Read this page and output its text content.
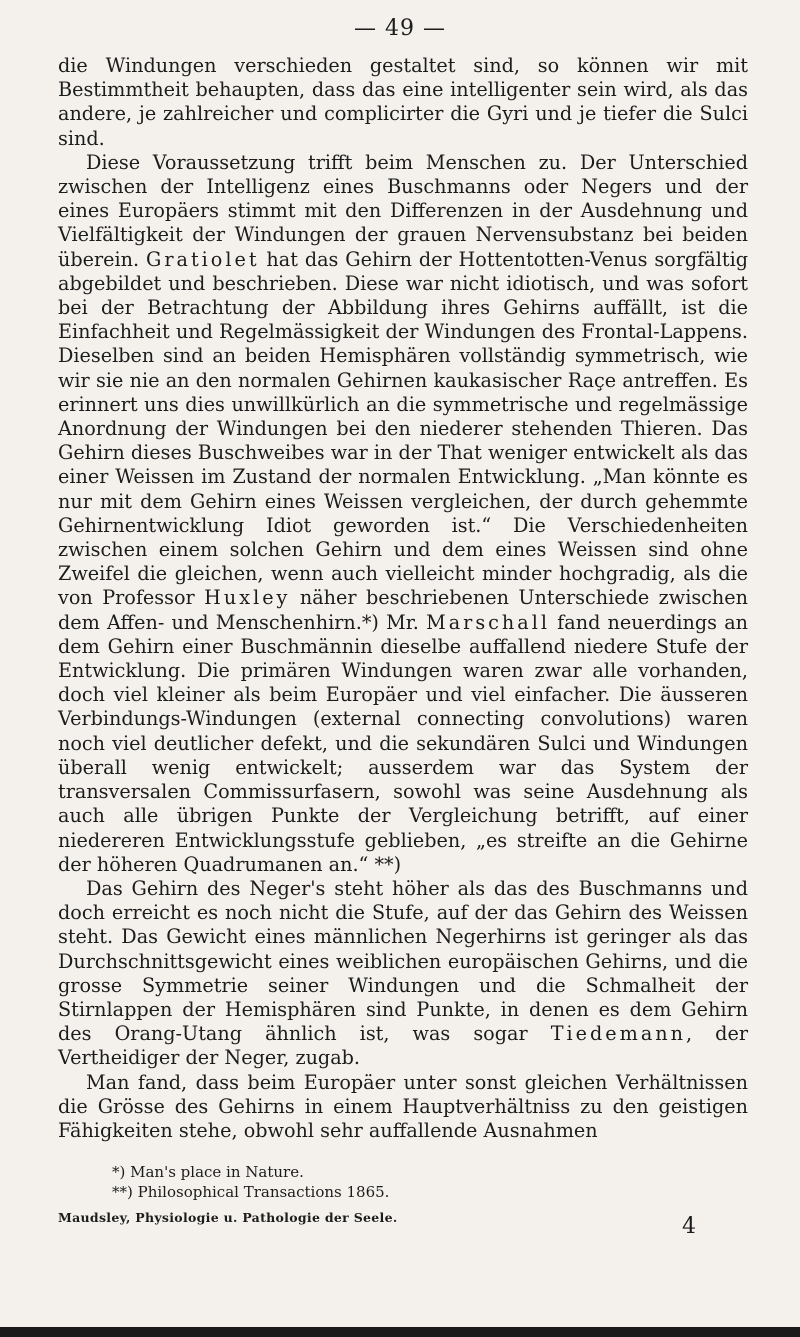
— 49 —

die Windungen verschieden gestaltet sind, so können wir mit Bestimmtheit behaupten, dass das eine intelligenter sein wird, als das andere, je zahlreicher und complicirter die Gyri und je tiefer die Sulci sind.

Diese Voraussetzung trifft beim Menschen zu. Der Unterschied zwischen der Intelligenz eines Buschmanns oder Negers und der eines Europäers stimmt mit den Differenzen in der Ausdehnung und Vielfältigkeit der Windungen der grauen Nervensubstanz bei beiden überein. Gratiolet hat das Gehirn der Hottentotten-Venus sorgfältig abgebildet und beschrieben. Diese war nicht idiotisch, und was sofort bei der Betrachtung der Abbildung ihres Gehirns auffällt, ist die Einfachheit und Regelmässigkeit der Windungen des Frontal-Lappens. Dieselben sind an beiden Hemisphären vollständig symmetrisch, wie wir sie nie an den normalen Gehirnen kaukasischer Raçe antreffen. Es erinnert uns dies unwillkürlich an die symmetrische und regelmässige Anordnung der Windungen bei den niederer stehenden Thieren. Das Gehirn dieses Buschweibes war in der That weniger entwickelt als das einer Weissen im Zustand der normalen Entwicklung. „Man könnte es nur mit dem Gehirn eines Weissen vergleichen, der durch gehemmte Gehirnentwicklung Idiot geworden ist.“ Die Verschiedenheiten zwischen einem solchen Gehirn und dem eines Weissen sind ohne Zweifel die gleichen, wenn auch vielleicht minder hochgradig, als die von Professor Huxley näher beschriebenen Unterschiede zwischen dem Affen- und Menschenhirn.*) Mr. Marschall fand neuerdings an dem Gehirn einer Buschmännin dieselbe auffallend niedere Stufe der Entwicklung. Die primären Windungen waren zwar alle vorhanden, doch viel kleiner als beim Europäer und viel einfacher. Die äusseren Verbindungs-Windungen (external connecting convolutions) waren noch viel deutlicher defekt, und die sekundären Sulci und Windungen überall wenig entwickelt; ausserdem war das System der transversalen Commissurfasern, sowohl was seine Ausdehnung als auch alle übrigen Punkte der Vergleichung betrifft, auf einer niedereren Entwicklungsstufe geblieben, „es streifte an die Gehirne der höheren Quadrumanen an.“ **)

Das Gehirn des Neger's steht höher als das des Buschmanns und doch erreicht es noch nicht die Stufe, auf der das Gehirn des Weissen steht. Das Gewicht eines männlichen Negerhirns ist geringer als das Durchschnittsgewicht eines weiblichen europäischen Gehirns, und die grosse Symmetrie seiner Windungen und die Schmalheit der Stirnlappen der Hemisphären sind Punkte, in denen es dem Gehirn des Orang-Utang ähnlich ist, was sogar Tiedemann, der Vertheidiger der Neger, zugab.

Man fand, dass beim Europäer unter sonst gleichen Verhältnissen die Grösse des Gehirns in einem Hauptverhältniss zu den geistigen Fähigkeiten stehe, obwohl sehr auffallende Ausnahmen

*) Man's place in Nature.
**) Philosophical Transactions 1865.
Maudsley, Physiologie u. Pathologie der Seele.	4
